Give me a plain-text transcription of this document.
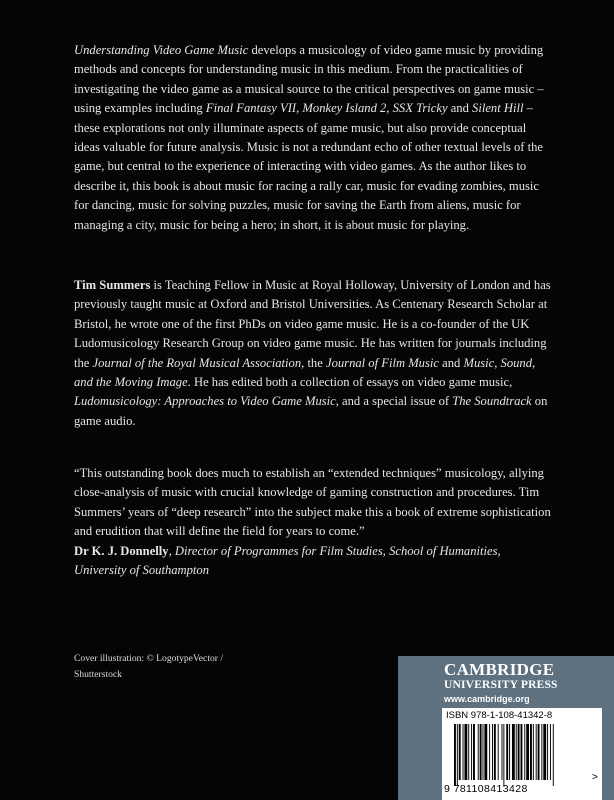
Understanding Video Game Music develops a musicology of video game music by providing methods and concepts for understanding music in this medium. From the practicalities of investigating the video game as a musical source to the critical perspectives on game music – using examples including Final Fantasy VII, Monkey Island 2, SSX Tricky and Silent Hill – these explorations not only illuminate aspects of game music, but also provide conceptual ideas valuable for future analysis. Music is not a redundant echo of other textual levels of the game, but central to the experience of interacting with video games. As the author likes to describe it, this book is about music for racing a rally car, music for evading zombies, music for dancing, music for solving puzzles, music for saving the Earth from aliens, music for managing a city, music for being a hero; in short, it is about music for playing.

Tim Summers is Teaching Fellow in Music at Royal Holloway, University of London and has previously taught music at Oxford and Bristol Universities. As Centenary Research Scholar at Bristol, he wrote one of the first PhDs on video game music. He is a co-founder of the UK Ludomusicology Research Group on video game music. He has written for journals including the Journal of the Royal Musical Association, the Journal of Film Music and Music, Sound, and the Moving Image. He has edited both a collection of essays on video game music, Ludomusicology: Approaches to Video Game Music, and a special issue of The Soundtrack on game audio.

“This outstanding book does much to establish an “extended techniques” musicology, allying close-analysis of music with crucial knowledge of gaming construction and procedures. Tim Summers’ years of “deep research” into the subject make this a book of extreme sophistication and erudition that will define the field for years to come.”
Dr K. J. Donnelly, Director of Programmes for Film Studies, School of Humanities, University of Southampton

Cover illustration: © LogotypeVector /
Shutterstock	CAMBRIDGE
UNIVERSITY PRESS
www.cambridge.org
ISBN 978-1-108-41342-8
9 781108413428
>
